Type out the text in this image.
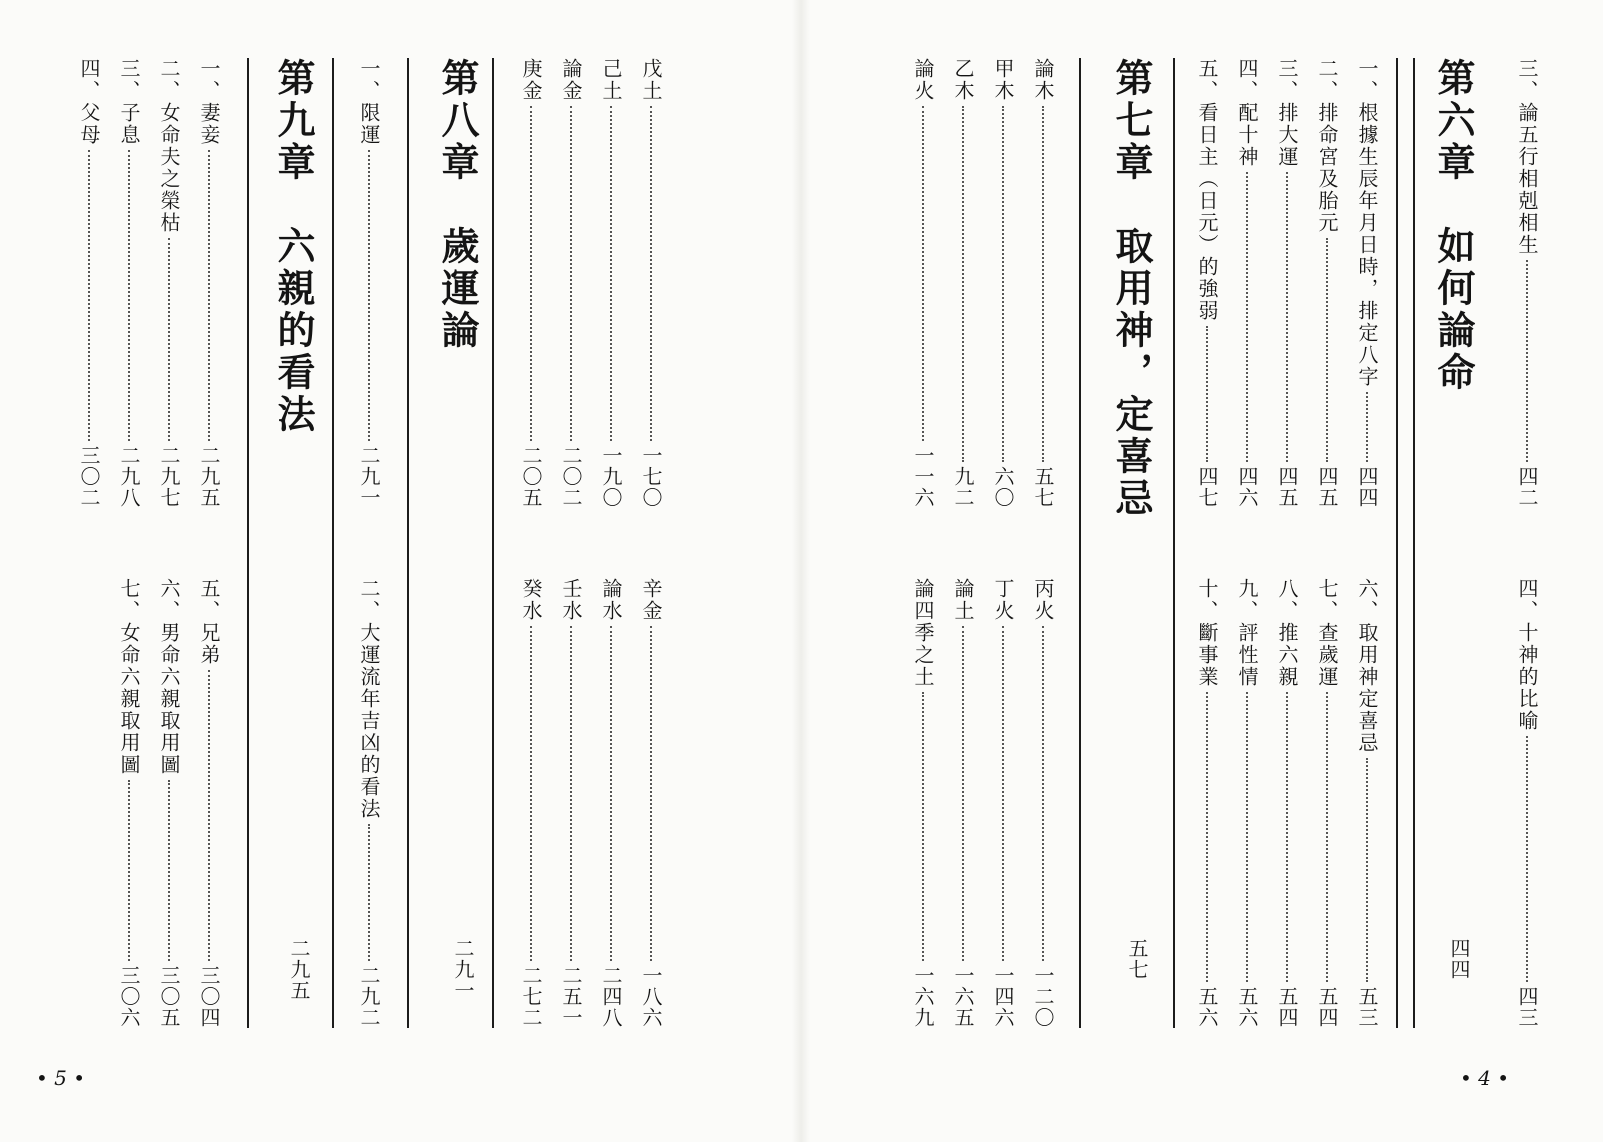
戊土
一七〇
辛金
一八六
己土
一九〇
論水
二四八
論金
二〇二
壬水
二五一
庚金
二〇五
癸水
二七二
第八章　歲運論
二九一
一、限運
二九一
二、大運流年吉凶的看法
二九二
第九章　六親的看法
二九五
一、妻妾
二九五
五、兄弟
三〇四
二、女命夫之榮枯
二九七
六、男命六親取用圖
三〇五
三、子息
二九八
七、女命六親取用圖
三〇六
四、父母
三〇二
• 5 •
三、論五行相剋相生
四二
四、十神的比喻
四三
第六章　如何論命
四四
一、根據生辰年月日時，排定八字
四四
六、取用神定喜忌
五三
二、排命宮及胎元
四五
七、查歲運
五四
三、排大運
四五
八、推六親
五四
四、配十神
四六
九、評性情
五六
五、看日主（日元）的強弱
四七
十、斷事業
五六
第七章　取用神，定喜忌
五七
論木
五七
丙火
一二〇
甲木
六〇
丁火
一四六
乙木
九二
論土
一六五
論火
一一六
論四季之土
一六九
• 4 •
